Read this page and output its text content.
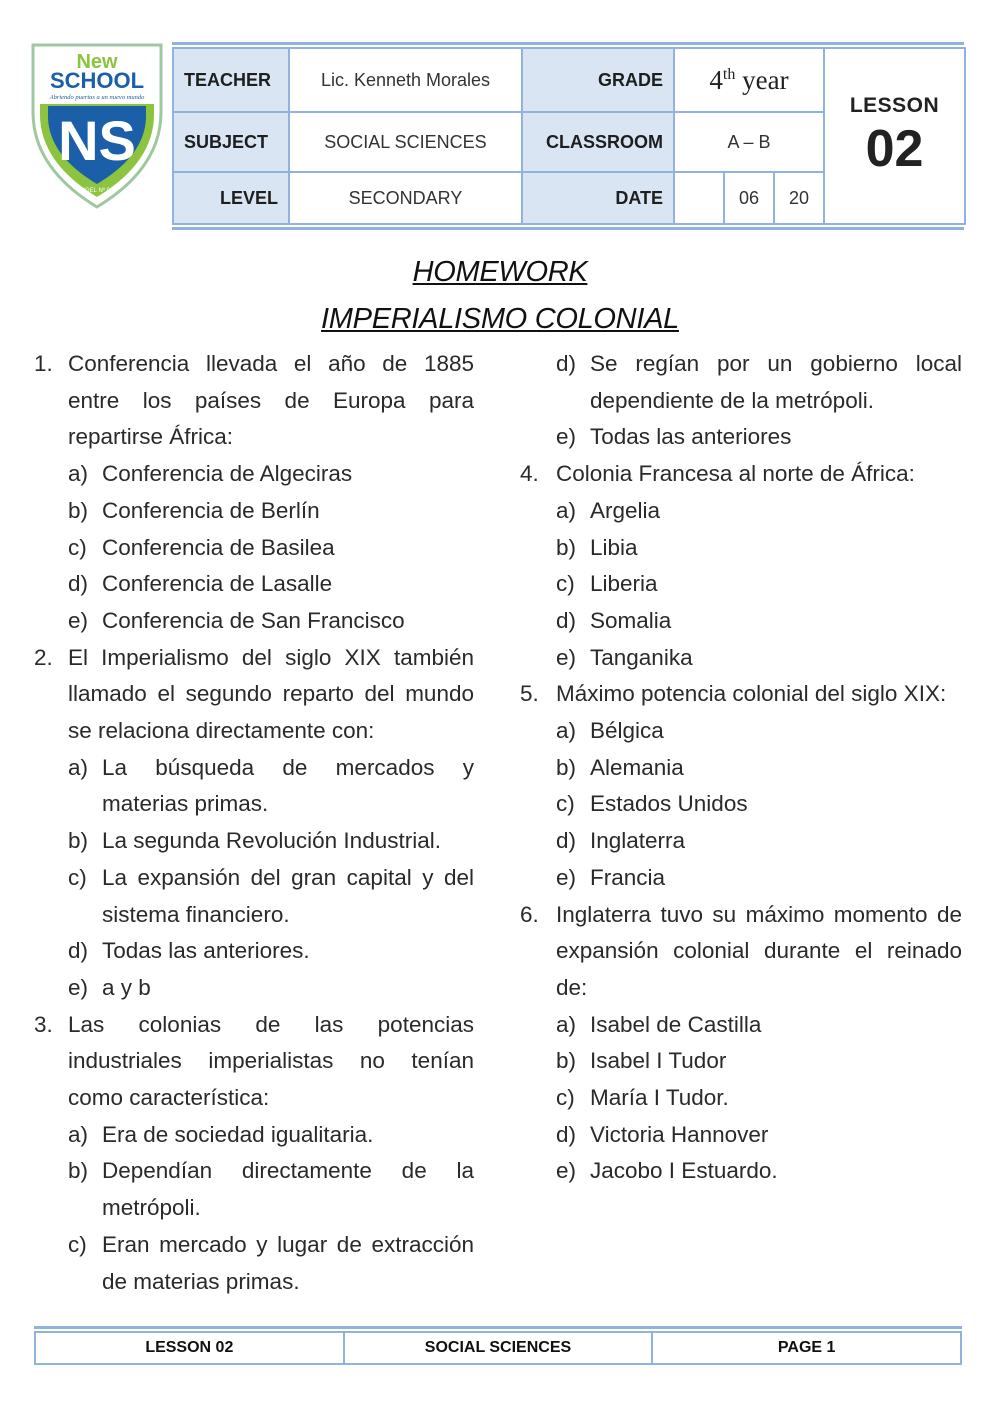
NS
UGEL Nº 06
New
SCHOOL
Abriendo puertas a un nuevo mundo
TEACHER	Lic. Kenneth Morales	GRADE	4th year			LESSON
02

SUBJECT	SOCIAL SCIENCES	CLASSROOM	A – B			
LEVEL	SECONDARY	DATE		06	20	
HOMEWORK
IMPERIALISMO COLONIAL
1. Conferencia llevada el año de 1885 entre los países de Europa para repartirse África:
a) Conferencia de Algeciras
b) Conferencia de Berlín
c) Conferencia de Basilea
d) Conferencia de Lasalle
e) Conferencia de San Francisco
2. El Imperialismo del siglo XIX también llamado el segundo reparto del mundo se relaciona directamente con:
a) La búsqueda de mercados y materias primas.
b) La segunda Revolución Industrial.
c) La expansión del gran capital y del sistema financiero.
d) Todas las anteriores.
e) a y b
3. Las colonias de las potencias industriales imperialistas no tenían como característica:
a) Era de sociedad igualitaria.
b) Dependían directamente de la metrópoli.
c) Eran mercado y lugar de extracción de materias primas.
d) Se regían por un gobierno local dependiente de la metrópoli.
e) Todas las anteriores
4. Colonia Francesa al norte de África:
a) Argelia
b) Libia
c) Liberia
d) Somalia
e) Tanganika
5. Máximo potencia colonial del siglo XIX:
a) Bélgica
b) Alemania
c) Estados Unidos
d) Inglaterra
e) Francia
6. Inglaterra tuvo su máximo momento de expansión colonial durante el reinado de:
a) Isabel de Castilla
b) Isabel I Tudor
c) María I Tudor.
d) Victoria Hannover
e) Jacobo I Estuardo.
LESSON 02	SOCIAL SCIENCES	PAGE 1
